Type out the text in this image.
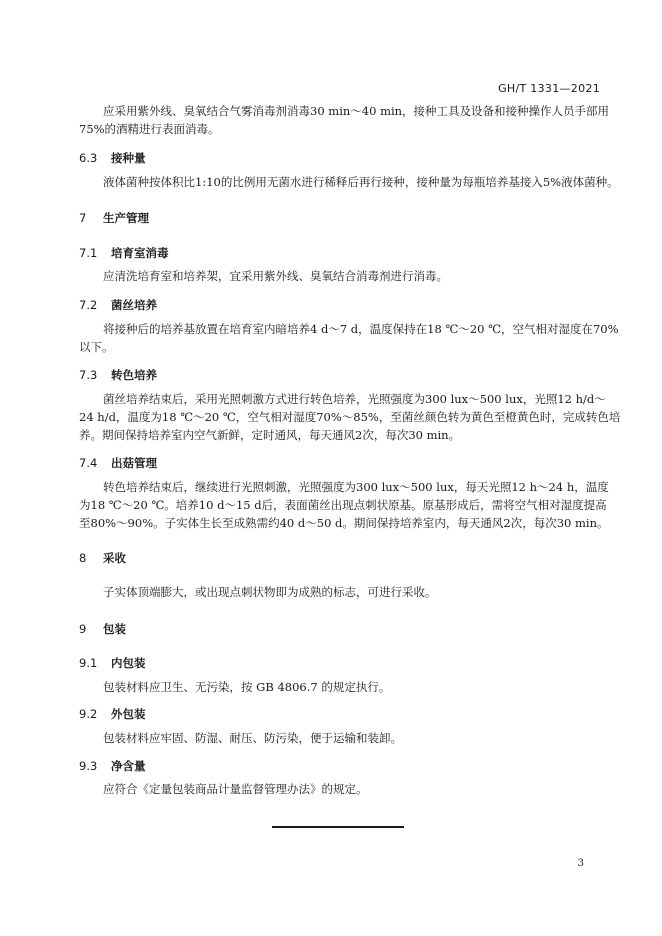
GH/T 1331—2021
应采用紫外线、臭氧结合气雾消毒剂消毒30 min～40 min，接种工具及设备和接种操作人员手部用
75%的酒精进行表面消毒。
6.3 接种量
液体菌种按体积比1:10的比例用无菌水进行稀释后再行接种，接种量为每瓶培养基接入5%液体菌种。
7 生产管理
7.1 培育室消毒
应清洗培育室和培养架，宜采用紫外线、臭氧结合消毒剂进行消毒。
7.2 菌丝培养
将接种后的培养基放置在培育室内暗培养4 d～7 d，温度保持在18 ℃～20 ℃，空气相对湿度在70%
以下。
7.3 转色培养
菌丝培养结束后，采用光照刺激方式进行转色培养，光照强度为300 lux～500 lux，光照12 h/d～
24 h/d，温度为18 ℃～20 ℃，空气相对湿度70%～85%，至菌丝颜色转为黄色至橙黄色时，完成转色培
养。期间保持培养室内空气新鲜，定时通风，每天通风2次，每次30 min。
7.4 出菇管理
转色培养结束后，继续进行光照刺激，光照强度为300 lux～500 lux，每天光照12 h～24 h，温度
为18 ℃～20 ℃。培养10 d～15 d后，表面菌丝出现点刺状原基。原基形成后，需将空气相对湿度提高
至80%～90%。子实体生长至成熟需约40 d～50 d。期间保持培养室内，每天通风2次，每次30 min。
8 采收
子实体顶端膨大，或出现点刺状物即为成熟的标志，可进行采收。
9 包装
9.1 内包装
包装材料应卫生、无污染，按 GB 4806.7 的规定执行。
9.2 外包装
包装材料应牢固、防湿、耐压、防污染，便于运输和装卸。
9.3 净含量
应符合《定量包装商品计量监督管理办法》的规定。
3
